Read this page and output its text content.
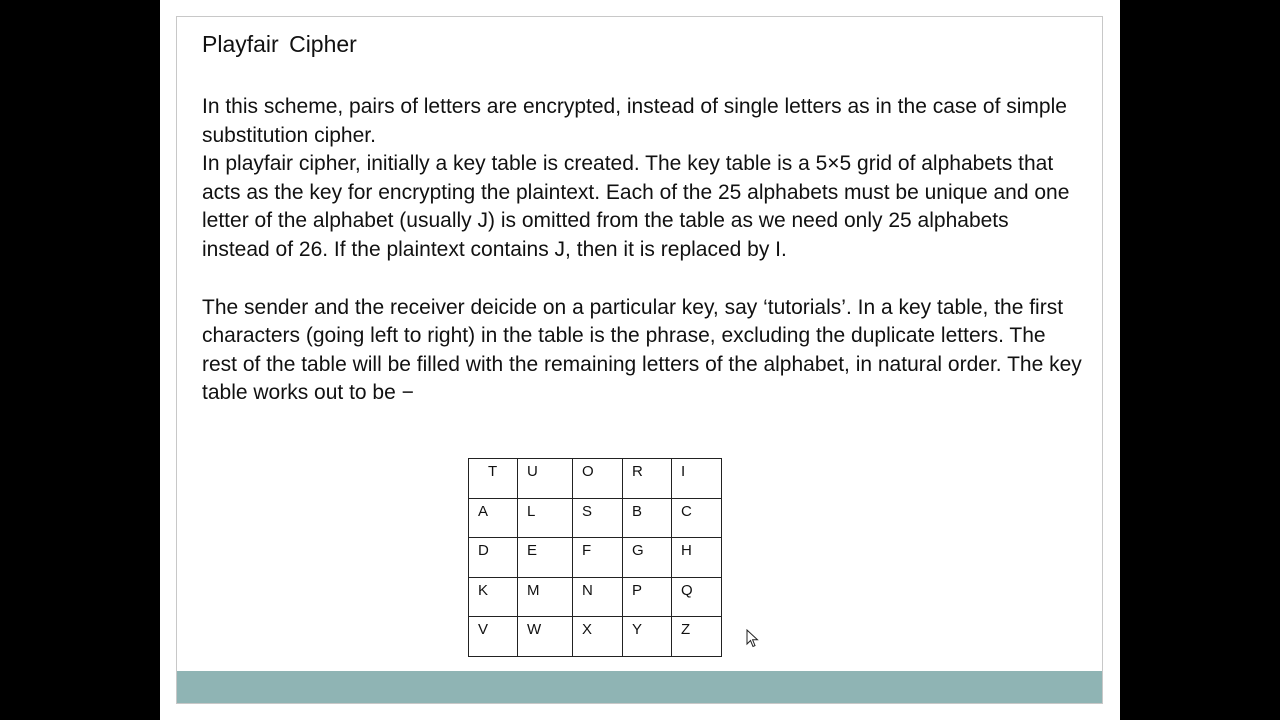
Playfair Cipher

In this scheme, pairs of letters are encrypted, instead of single letters as in the case of simple substitution cipher.

In playfair cipher, initially a key table is created. The key table is a 5×5 grid of alphabets that acts as the key for encrypting the plaintext. Each of the 25 alphabets must be unique and one letter of the alphabet (usually J) is omitted from the table as we need only 25 alphabets instead of 26. If the plaintext contains J, then it is replaced by I.

The sender and the receiver deicide on a particular key, say ‘tutorials’. In a key table, the first characters (going left to right) in the table is the phrase, excluding the duplicate letters. The rest of the table will be filled with the remaining letters of the alphabet, in natural order. The key table works out to be −

T	U	O	R	I
A	L	S	B	C
D	E	F	G	H
K	M	N	P	Q
V	W	X	Y	Z
